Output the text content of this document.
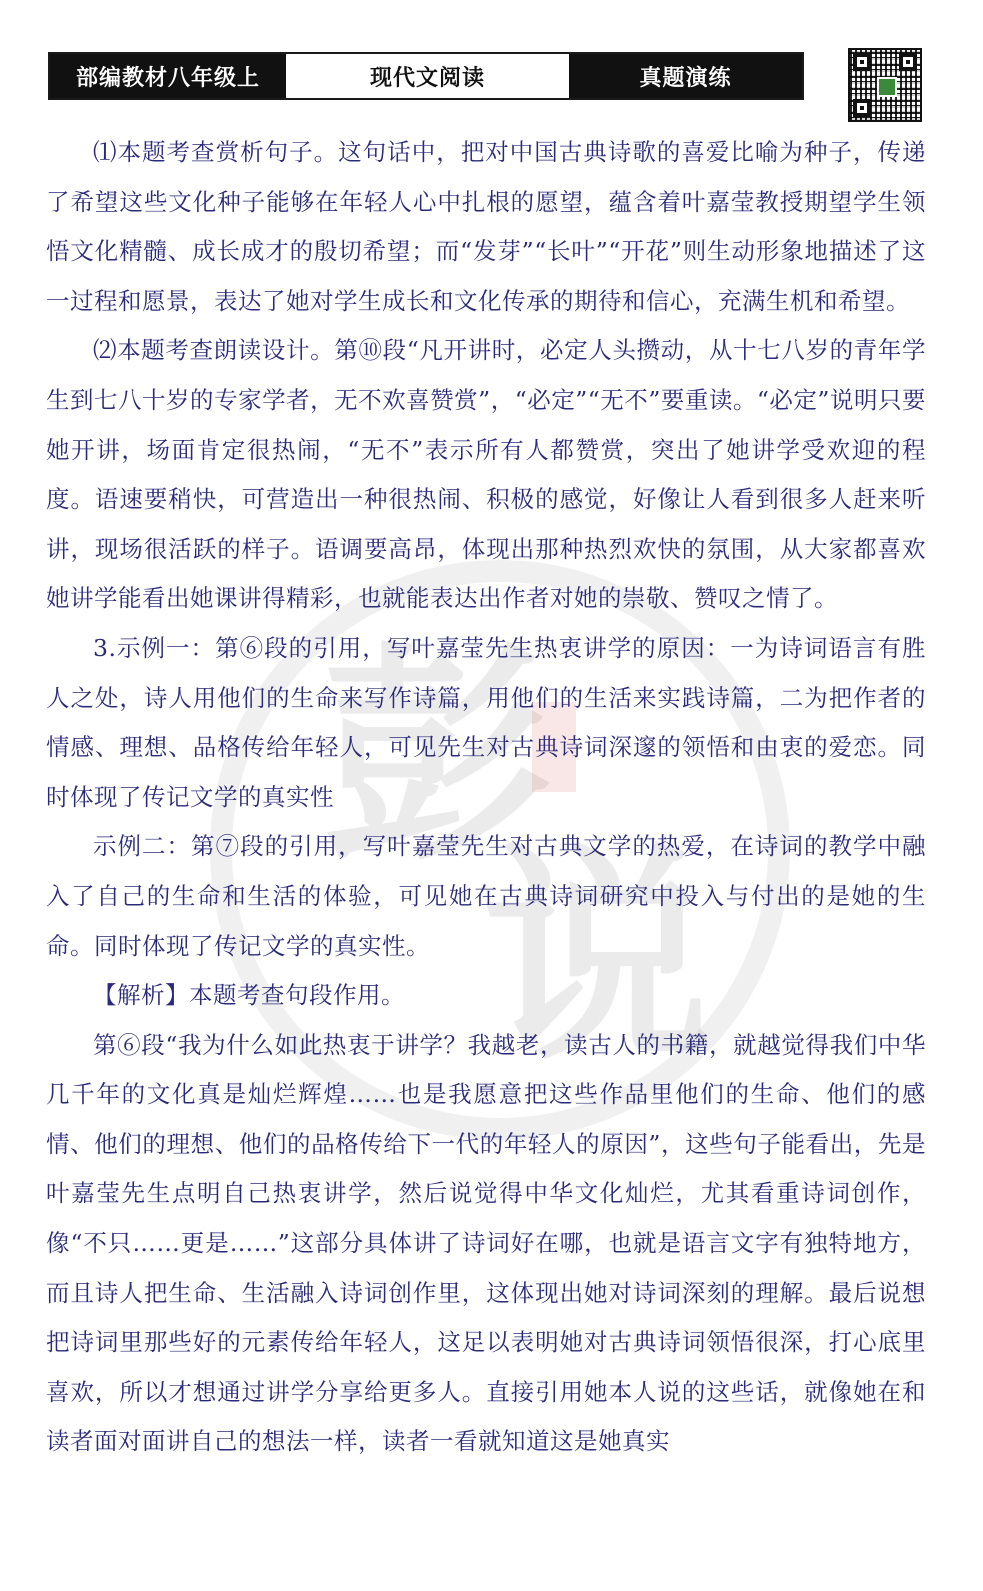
部编教材八年级上	现代文阅读	真题演练
彭
说

⑴本题考查赏析句子。这句话中，把对中国古典诗歌的喜爱比喻为种子，传递了希望这些文化种子能够在年轻人心中扎根的愿望，蕴含着叶嘉莹教授期望学生领悟文化精髓、成长成才的殷切希望；而“发芽”“长叶”“开花”则生动形象地描述了这一过程和愿景，表达了她对学生成长和文化传承的期待和信心，充满生机和希望。

⑵本题考查朗读设计。第⑩段“凡开讲时，必定人头攒动，从十七八岁的青年学生到七八十岁的专家学者，无不欢喜赞赏”，“必定”“无不”要重读。“必定”说明只要她开讲，场面肯定很热闹，“无不”表示所有人都赞赏，突出了她讲学受欢迎的程度。语速要稍快，可营造出一种很热闹、积极的感觉，好像让人看到很多人赶来听讲，现场很活跃的样子。语调要高昂，体现出那种热烈欢快的氛围，从大家都喜欢她讲学能看出她课讲得精彩，也就能表达出作者对她的崇敬、赞叹之情了。

3.示例一：第⑥段的引用，写叶嘉莹先生热衷讲学的原因：一为诗词语言有胜人之处，诗人用他们的生命来写作诗篇，用他们的生活来实践诗篇，二为把作者的情感、理想、品格传给年轻人，可见先生对古典诗词深邃的领悟和由衷的爱恋。同时体现了传记文学的真实性

示例二：第⑦段的引用，写叶嘉莹先生对古典文学的热爱，在诗词的教学中融入了自己的生命和生活的体验，可见她在古典诗词研究中投入与付出的是她的生命。同时体现了传记文学的真实性。

【解析】本题考查句段作用。

第⑥段“我为什么如此热衷于讲学？我越老，读古人的书籍，就越觉得我们中华几千年的文化真是灿烂辉煌……也是我愿意把这些作品里他们的生命、他们的感情、他们的理想、他们的品格传给下一代的年轻人的原因”，这些句子能看出，先是叶嘉莹先生点明自己热衷讲学，然后说觉得中华文化灿烂，尤其看重诗词创作，像“不只……更是……”这部分具体讲了诗词好在哪，也就是语言文字有独特地方，而且诗人把生命、生活融入诗词创作里，这体现出她对诗词深刻的理解。最后说想把诗词里那些好的元素传给年轻人，这足以表明她对古典诗词领悟很深，打心底里喜欢，所以才想通过讲学分享给更多人。直接引用她本人说的这些话，就像她在和读者面对面讲自己的想法一样，读者一看就知道这是她真实
